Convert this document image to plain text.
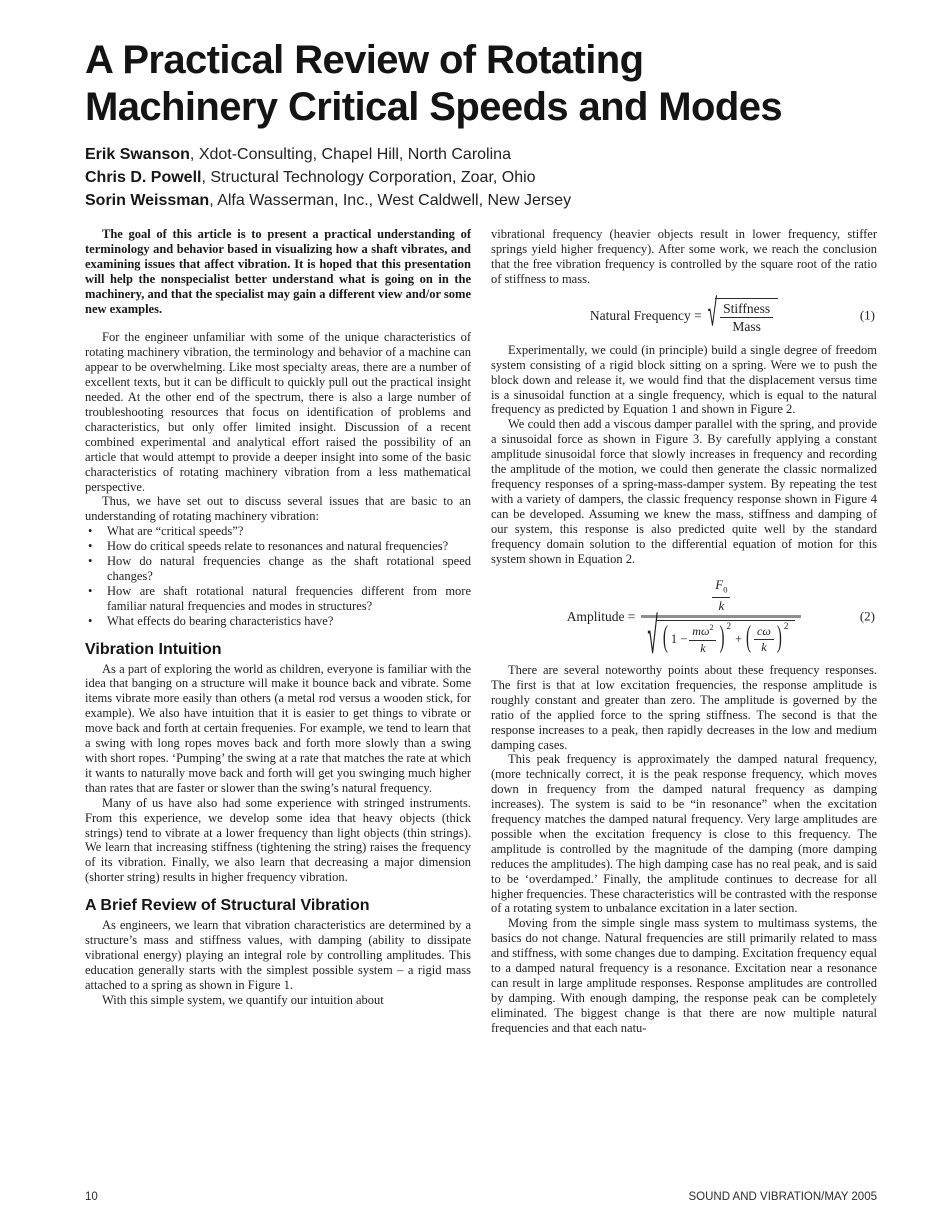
A Practical Review of Rotating
Machinery Critical Speeds and Modes

Erik Swanson, Xdot-Consulting, Chapel Hill, North Carolina

Chris D. Powell, Structural Technology Corporation, Zoar, Ohio

Sorin Weissman, Alfa Wasserman, Inc., West Caldwell, New Jersey

The goal of this article is to present a practical understanding of terminology and behavior based in visualizing how a shaft vibrates, and examining issues that affect vibration. It is hoped that this presentation will help the nonspecialist better understand what is going on in the machinery, and that the specialist may gain a different view and/or some new examples.

For the engineer unfamiliar with some of the unique characteristics of rotating machinery vibration, the terminology and behavior of a machine can appear to be overwhelming. Like most specialty areas, there are a number of excellent texts, but it can be difficult to quickly pull out the practical insight needed. At the other end of the spectrum, there is also a large number of troubleshooting resources that focus on identification of problems and characteristics, but only offer limited insight. Discussion of a recent combined experimental and analytical effort raised the possibility of an article that would attempt to provide a deeper insight into some of the basic characteristics of rotating machinery vibration from a less mathematical perspective.

Thus, we have set out to discuss several issues that are basic to an understanding of rotating machinery vibration:

•	What are “critical speeds”?
•	How do critical speeds relate to resonances and natural frequencies?
•	How do natural frequencies change as the shaft rotational speed changes?
•	How are shaft rotational natural frequencies different from more familiar natural frequencies and modes in structures?
•	What effects do bearing characteristics have?
Vibration Intuition

As a part of exploring the world as children, everyone is familiar with the idea that banging on a structure will make it bounce back and vibrate. Some items vibrate more easily than others (a metal rod versus a wooden stick, for example). We also have intuition that it is easier to get things to vibrate or move back and forth at certain frequenies. For example, we tend to learn that a swing with long ropes moves back and forth more slowly than a swing with short ropes. ‘Pumping’ the swing at a rate that matches the rate at which it wants to naturally move back and forth will get you swinging much higher than rates that are faster or slower than the swing’s natural frequency.

Many of us have also had some experience with stringed instruments. From this experience, we develop some idea that heavy objects (thick strings) tend to vibrate at a lower frequency than light objects (thin strings). We learn that increasing stiffness (tightening the string) raises the frequency of its vibration. Finally, we also learn that decreasing a major dimension (shorter string) results in higher frequency vibration.

A Brief Review of Structural Vibration

As engineers, we learn that vibration characteristics are determined by a structure’s mass and stiffness values, with damping (ability to dissipate vibrational energy) playing an integral role by controlling amplitudes. This education generally starts with the simplest possible system – a rigid mass attached to a spring as shown in Figure 1.

With this simple system, we quantify our intuition about

vibrational frequency (heavier objects result in lower frequency, stiffer springs yield higher frequency). After some work, we reach the conclusion that the free vibration frequency is controlled by the square root of the ratio of stiffness to mass.

Natural Frequency = √ $\frac{\text{Stiffness}}{\text{Mass}}$	(1)

Experimentally, we could (in principle) build a single degree of freedom system consisting of a rigid block sitting on a spring. Were we to push the block down and release it, we would find that the displacement versus time is a sinusoidal function at a single frequency, which is equal to the natural frequency as predicted by Equation 1 and shown in Figure 2.

We could then add a viscous damper parallel with the spring, and provide a sinusoidal force as shown in Figure 3. By carefully applying a constant amplitude sinusoidal force that slowly increases in frequency and recording the amplitude of the motion, we could then generate the classic normalized frequency responses of a spring-mass-damper system. By repeating the test with a variety of dampers, the classic frequency response shown in Figure 4 can be developed. Assuming we knew the mass, stiffness and damping of our system, this response is also predicted quite well by the standard frequency domain solution to the differential equation of motion for this system shown in Equation 2.

Amplitude =
$\frac{F_0}{k}$
√ ( $1 - \frac{m\omega^2}{k} )^2$
+ ( $\frac{c\omega}{k} )^2$
(2)

There are several noteworthy points about these frequency responses. The first is that at low excitation frequencies, the response amplitude is roughly constant and greater than zero. The amplitude is governed by the ratio of the applied force to the spring stiffness. The second is that the response increases to a peak, then rapidly decreases in the low and medium damping cases.

This peak frequency is approximately the damped natural frequency, (more technically correct, it is the peak response frequency, which moves down in frequency from the damped natural frequency as damping increases). The system is said to be “in resonance” when the excitation frequency matches the damped natural frequency. Very large amplitudes are possible when the excitation frequency is close to this frequency. The amplitude is controlled by the magnitude of the damping (more damping reduces the amplitudes). The high damping case has no real peak, and is said to be ‘overdamped.’ Finally, the amplitude continues to decrease for all higher frequencies. These characteristics will be contrasted with the response of a rotating system to unbalance excitation in a later section.

Moving from the simple single mass system to multimass systems, the basics do not change. Natural frequencies are still primarily related to mass and stiffness, with some changes due to damping. Excitation frequency equal to a damped natural frequency is a resonance. Excitation near a resonance can result in large amplitude responses. Response amplitudes are controlled by damping. With enough damping, the response peak can be completely eliminated. The biggest change is that there are now multiple natural frequencies and that each natu-

10	SOUND AND VIBRATION/MAY 2005
